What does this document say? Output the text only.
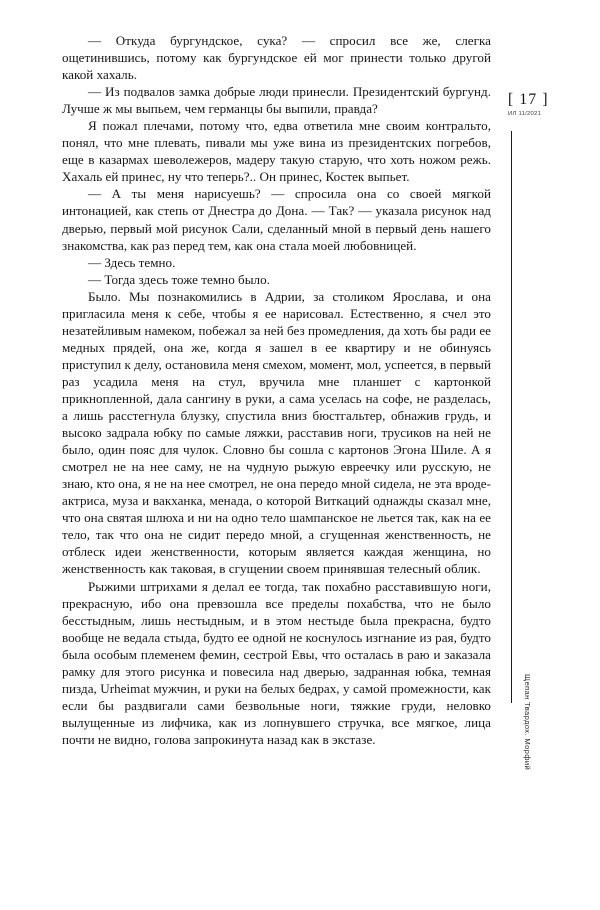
— Откуда бургундское, сука? — спросил все же, слегка ощетинившись, потому как бургундское ей мог принести только другой какой хахаль.

— Из подвалов замка добрые люди принесли. Президентский бургунд. Лучше ж мы выпьем, чем германцы бы выпили, правда?

Я пожал плечами, потому что, едва ответила мне своим контральто, понял, что мне плевать, пивали мы уже вина из президентских погребов, еще в казармах шеволежеров, мадеру такую старую, что хоть ножом режь. Хахаль ей принес, ну что теперь?.. Он принес, Костек выпьет.

— А ты меня нарисуешь? — спросила она со своей мягкой интонацией, как степь от Днестра до Дона. — Так? — указала рисунок над дверью, первый мой рисунок Сали, сделанный мной в первый день нашего знакомства, как раз перед тем, как она стала моей любовницей.

— Здесь темно.

— Тогда здесь тоже темно было.

Было. Мы познакомились в Адрии, за столиком Ярослава, и она пригласила меня к себе, чтобы я ее нарисовал. Естественно, я счел это незатейливым намеком, побежал за ней без промедления, да хоть бы ради ее медных прядей, она же, когда я зашел в ее квартиру и не обинуясь приступил к делу, остановила меня смехом, момент, мол, успеется, в первый раз усадила меня на стул, вручила мне планшет с картонкой прикнопленной, дала сангину в руки, а сама уселась на софе, не разделась, а лишь расстегнула блузку, спустила вниз бюстгальтер, обнажив грудь, и высоко задрала юбку по самые ляжки, расставив ноги, трусиков на ней не было, один пояс для чулок. Словно бы сошла с картонов Эгона Шиле. А я смотрел не на нее саму, не на чудную рыжую евреечку или русскую, не знаю, кто она, я не на нее смотрел, не она передо мной сидела, не эта вроде-актриса, муза и вакханка, менада, о которой Виткаций однажды сказал мне, что она святая шлюха и ни на одно тело шампанское не льется так, как на ее тело, так что она не сидит передо мной, а сгущенная женственность, не отблеск идеи женственности, которым является каждая женщина, но женственность как таковая, в сгущении своем принявшая телесный облик.

Рыжими штрихами я делал ее тогда, так похабно расставившую ноги, прекрасную, ибо она превзошла все пределы похабства, что не было бесстыдным, лишь нестыдным, и в этом нестыде была прекрасна, будто вообще не ведала стыда, будто ее одной не коснулось изгнание из рая, будто была особым племенем фемин, сестрой Евы, что осталась в раю и заказала рамку для этого рисунка и повесила над дверью, задранная юбка, темная пизда, Urheimat мужчин, и руки на белых бедрах, у самой промежности, как если бы раздвигали сами безвольные ноги, тяжкие груди, неловко вылущенные из лифчика, как из лопнувшего стручка, все мягкое, лица почти не видно, голова запрокинута назад как в экстазе.

[ 17 ]
ИЛ 11/2021
Щепан Твардох. Морфий
